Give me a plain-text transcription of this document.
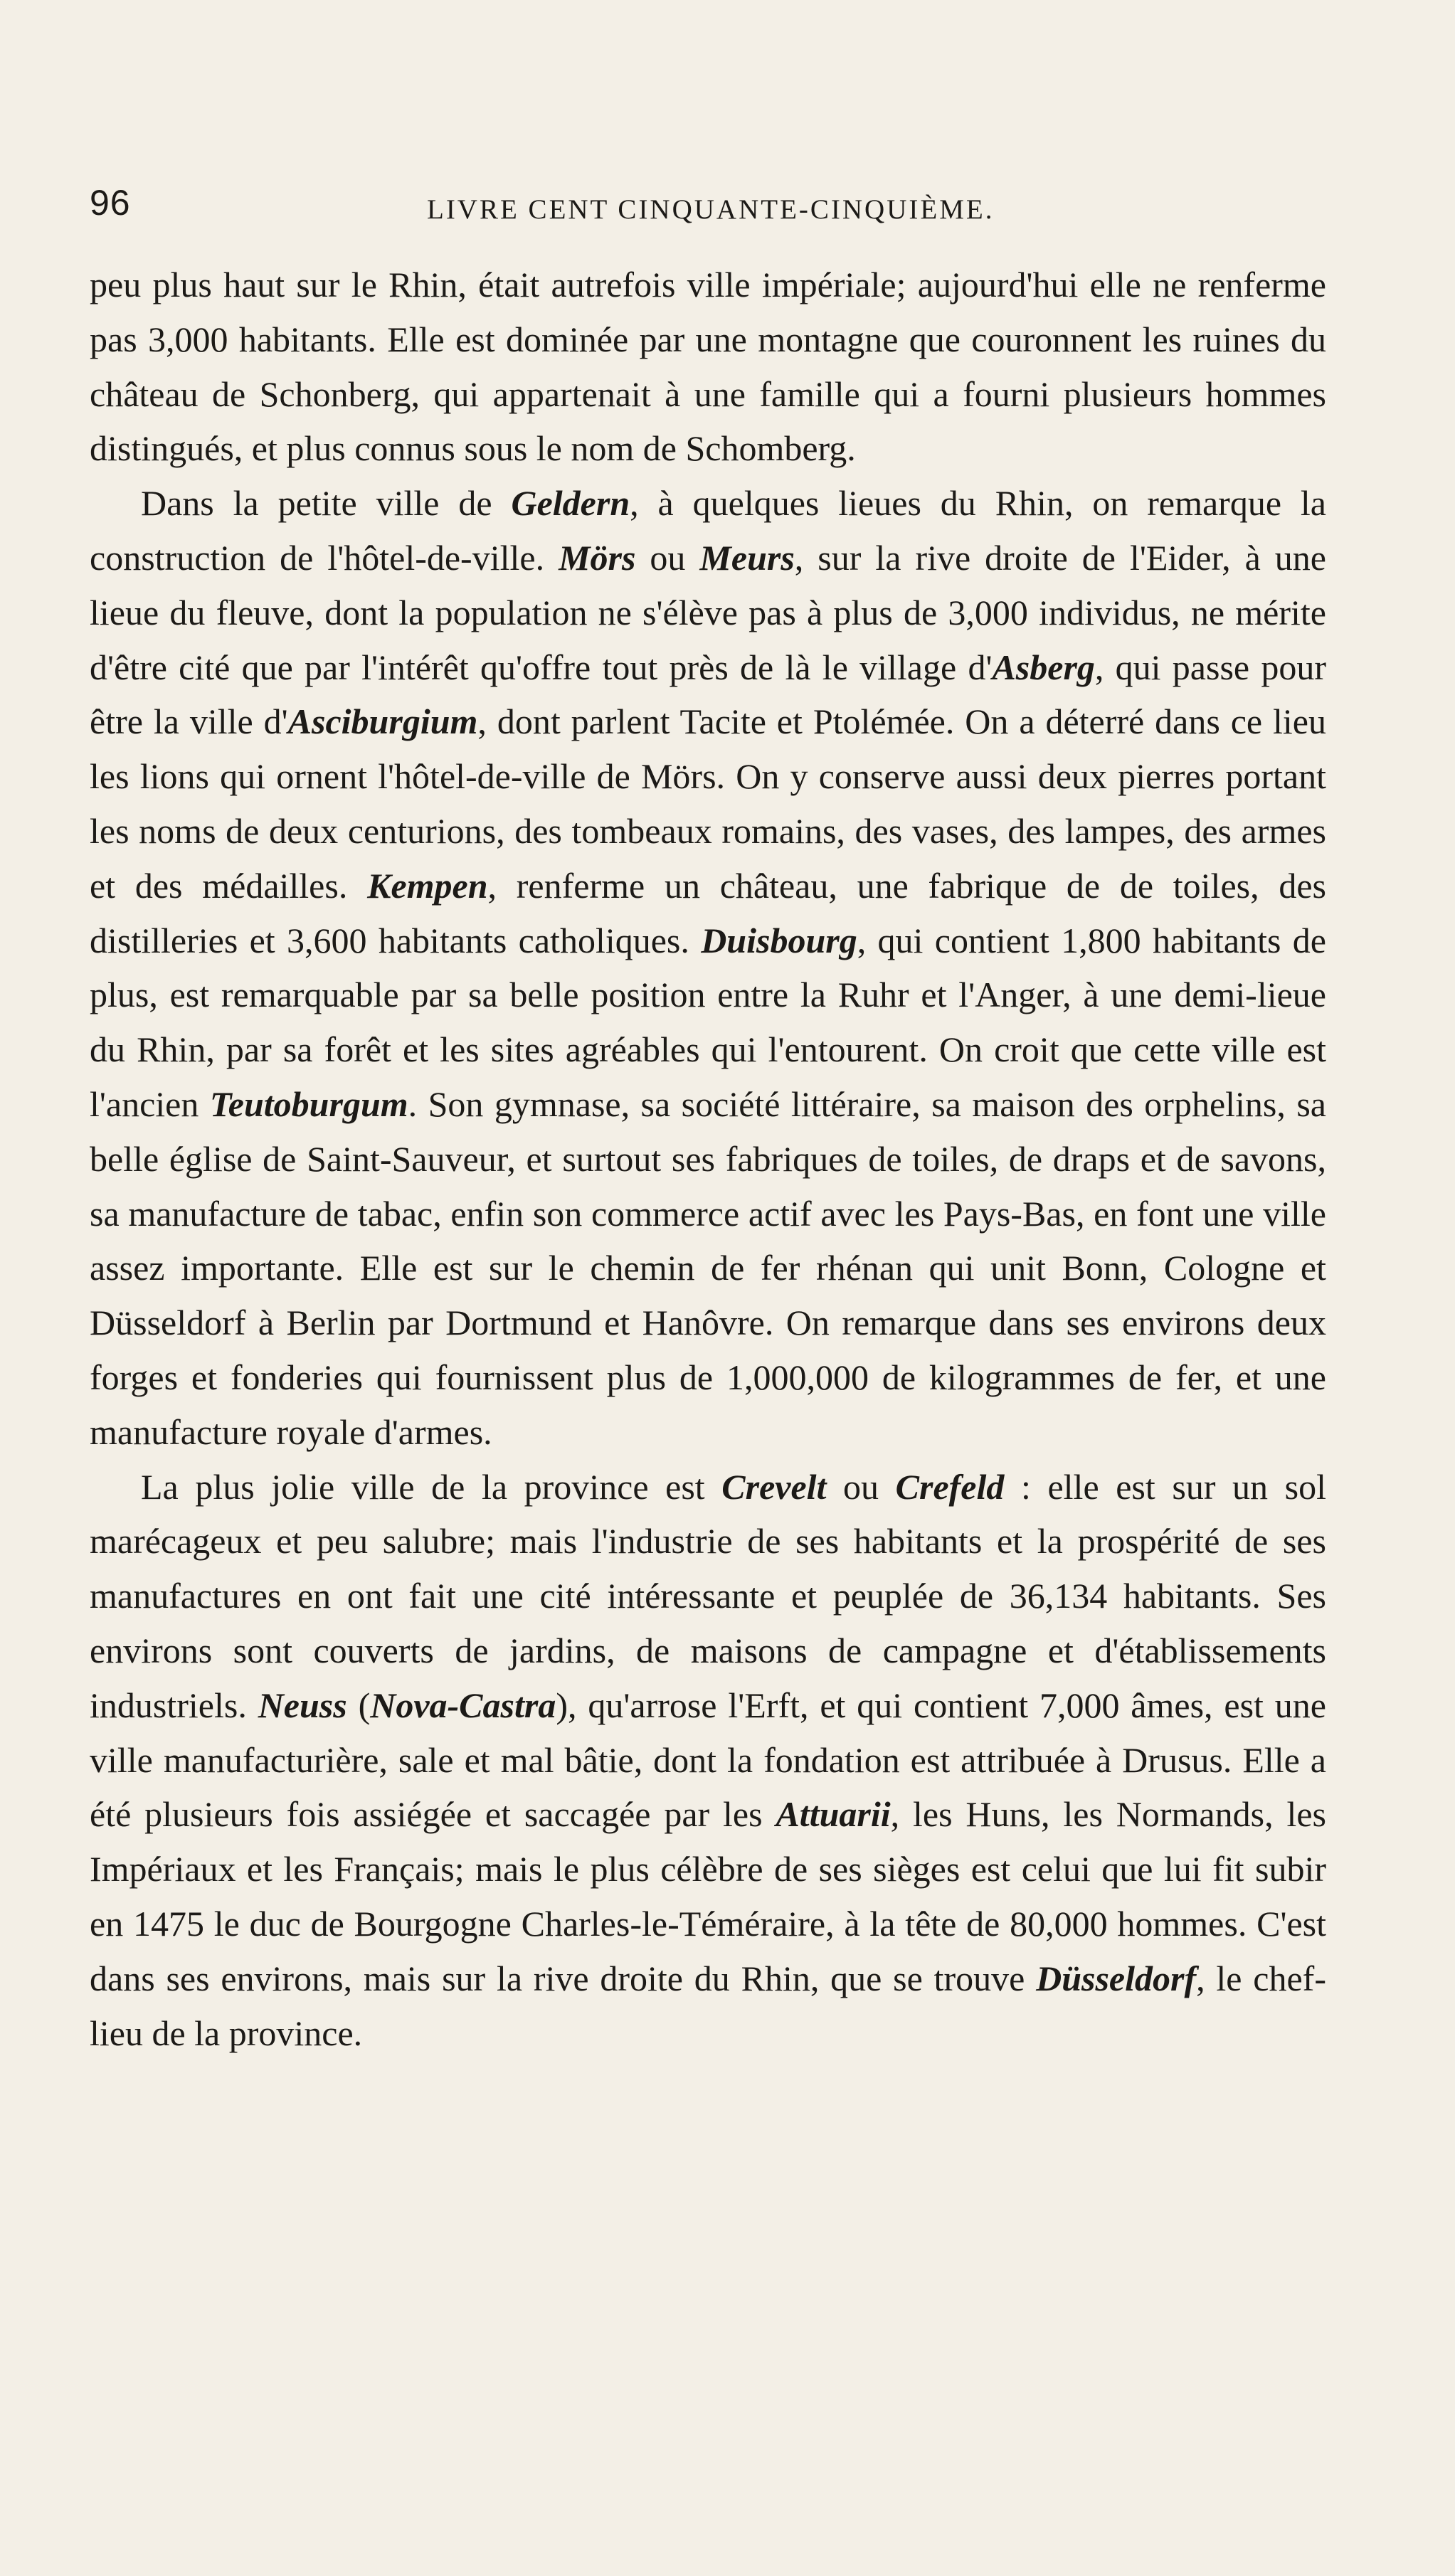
96	LIVRE CENT CINQUANTE-CINQUIÈME.

peu plus haut sur le Rhin, était autrefois ville impériale; aujourd'hui elle ne renferme pas 3,000 habitants. Elle est dominée par une montagne que couronnent les ruines du château de Schonberg, qui appartenait à une famille qui a fourni plusieurs hommes distingués, et plus connus sous le nom de Schomberg.

Dans la petite ville de Geldern, à quelques lieues du Rhin, on remarque la construction de l'hôtel-de-ville. Mörs ou Meurs, sur la rive droite de l'Eider, à une lieue du fleuve, dont la population ne s'élève pas à plus de 3,000 individus, ne mérite d'être cité que par l'intérêt qu'offre tout près de là le village d'Asberg, qui passe pour être la ville d'Asciburgium, dont parlent Tacite et Ptolémée. On a déterré dans ce lieu les lions qui ornent l'hôtel-de-ville de Mörs. On y conserve aussi deux pierres portant les noms de deux centurions, des tombeaux romains, des vases, des lampes, des armes et des médailles. Kempen, renferme un château, une fabrique de de toiles, des distilleries et 3,600 habitants catholiques. Duisbourg, qui contient 1,800 habitants de plus, est remarquable par sa belle position entre la Ruhr et l'Anger, à une demi-lieue du Rhin, par sa forêt et les sites agréables qui l'entourent. On croit que cette ville est l'ancien Teutoburgum. Son gymnase, sa société littéraire, sa maison des orphelins, sa belle église de Saint-Sauveur, et surtout ses fabriques de toiles, de draps et de savons, sa manufacture de tabac, enfin son commerce actif avec les Pays-Bas, en font une ville assez importante. Elle est sur le chemin de fer rhénan qui unit Bonn, Cologne et Düsseldorf à Berlin par Dortmund et Hanôvre. On remarque dans ses environs deux forges et fonderies qui fournissent plus de 1,000,000 de kilogrammes de fer, et une manufacture royale d'armes.

La plus jolie ville de la province est Crevelt ou Crefeld : elle est sur un sol marécageux et peu salubre; mais l'industrie de ses habitants et la prospérité de ses manufactures en ont fait une cité intéressante et peuplée de 36,134 habitants. Ses environs sont couverts de jardins, de maisons de campagne et d'établissements industriels. Neuss (Nova-Castra), qu'arrose l'Erft, et qui contient 7,000 âmes, est une ville manufacturière, sale et mal bâtie, dont la fondation est attribuée à Drusus. Elle a été plusieurs fois assiégée et saccagée par les Attuarii, les Huns, les Normands, les Impériaux et les Français; mais le plus célèbre de ses sièges est celui que lui fit subir en 1475 le duc de Bourgogne Charles-le-Téméraire, à la tête de 80,000 hommes. C'est dans ses environs, mais sur la rive droite du Rhin, que se trouve Düsseldorf, le chef-lieu de la province.
